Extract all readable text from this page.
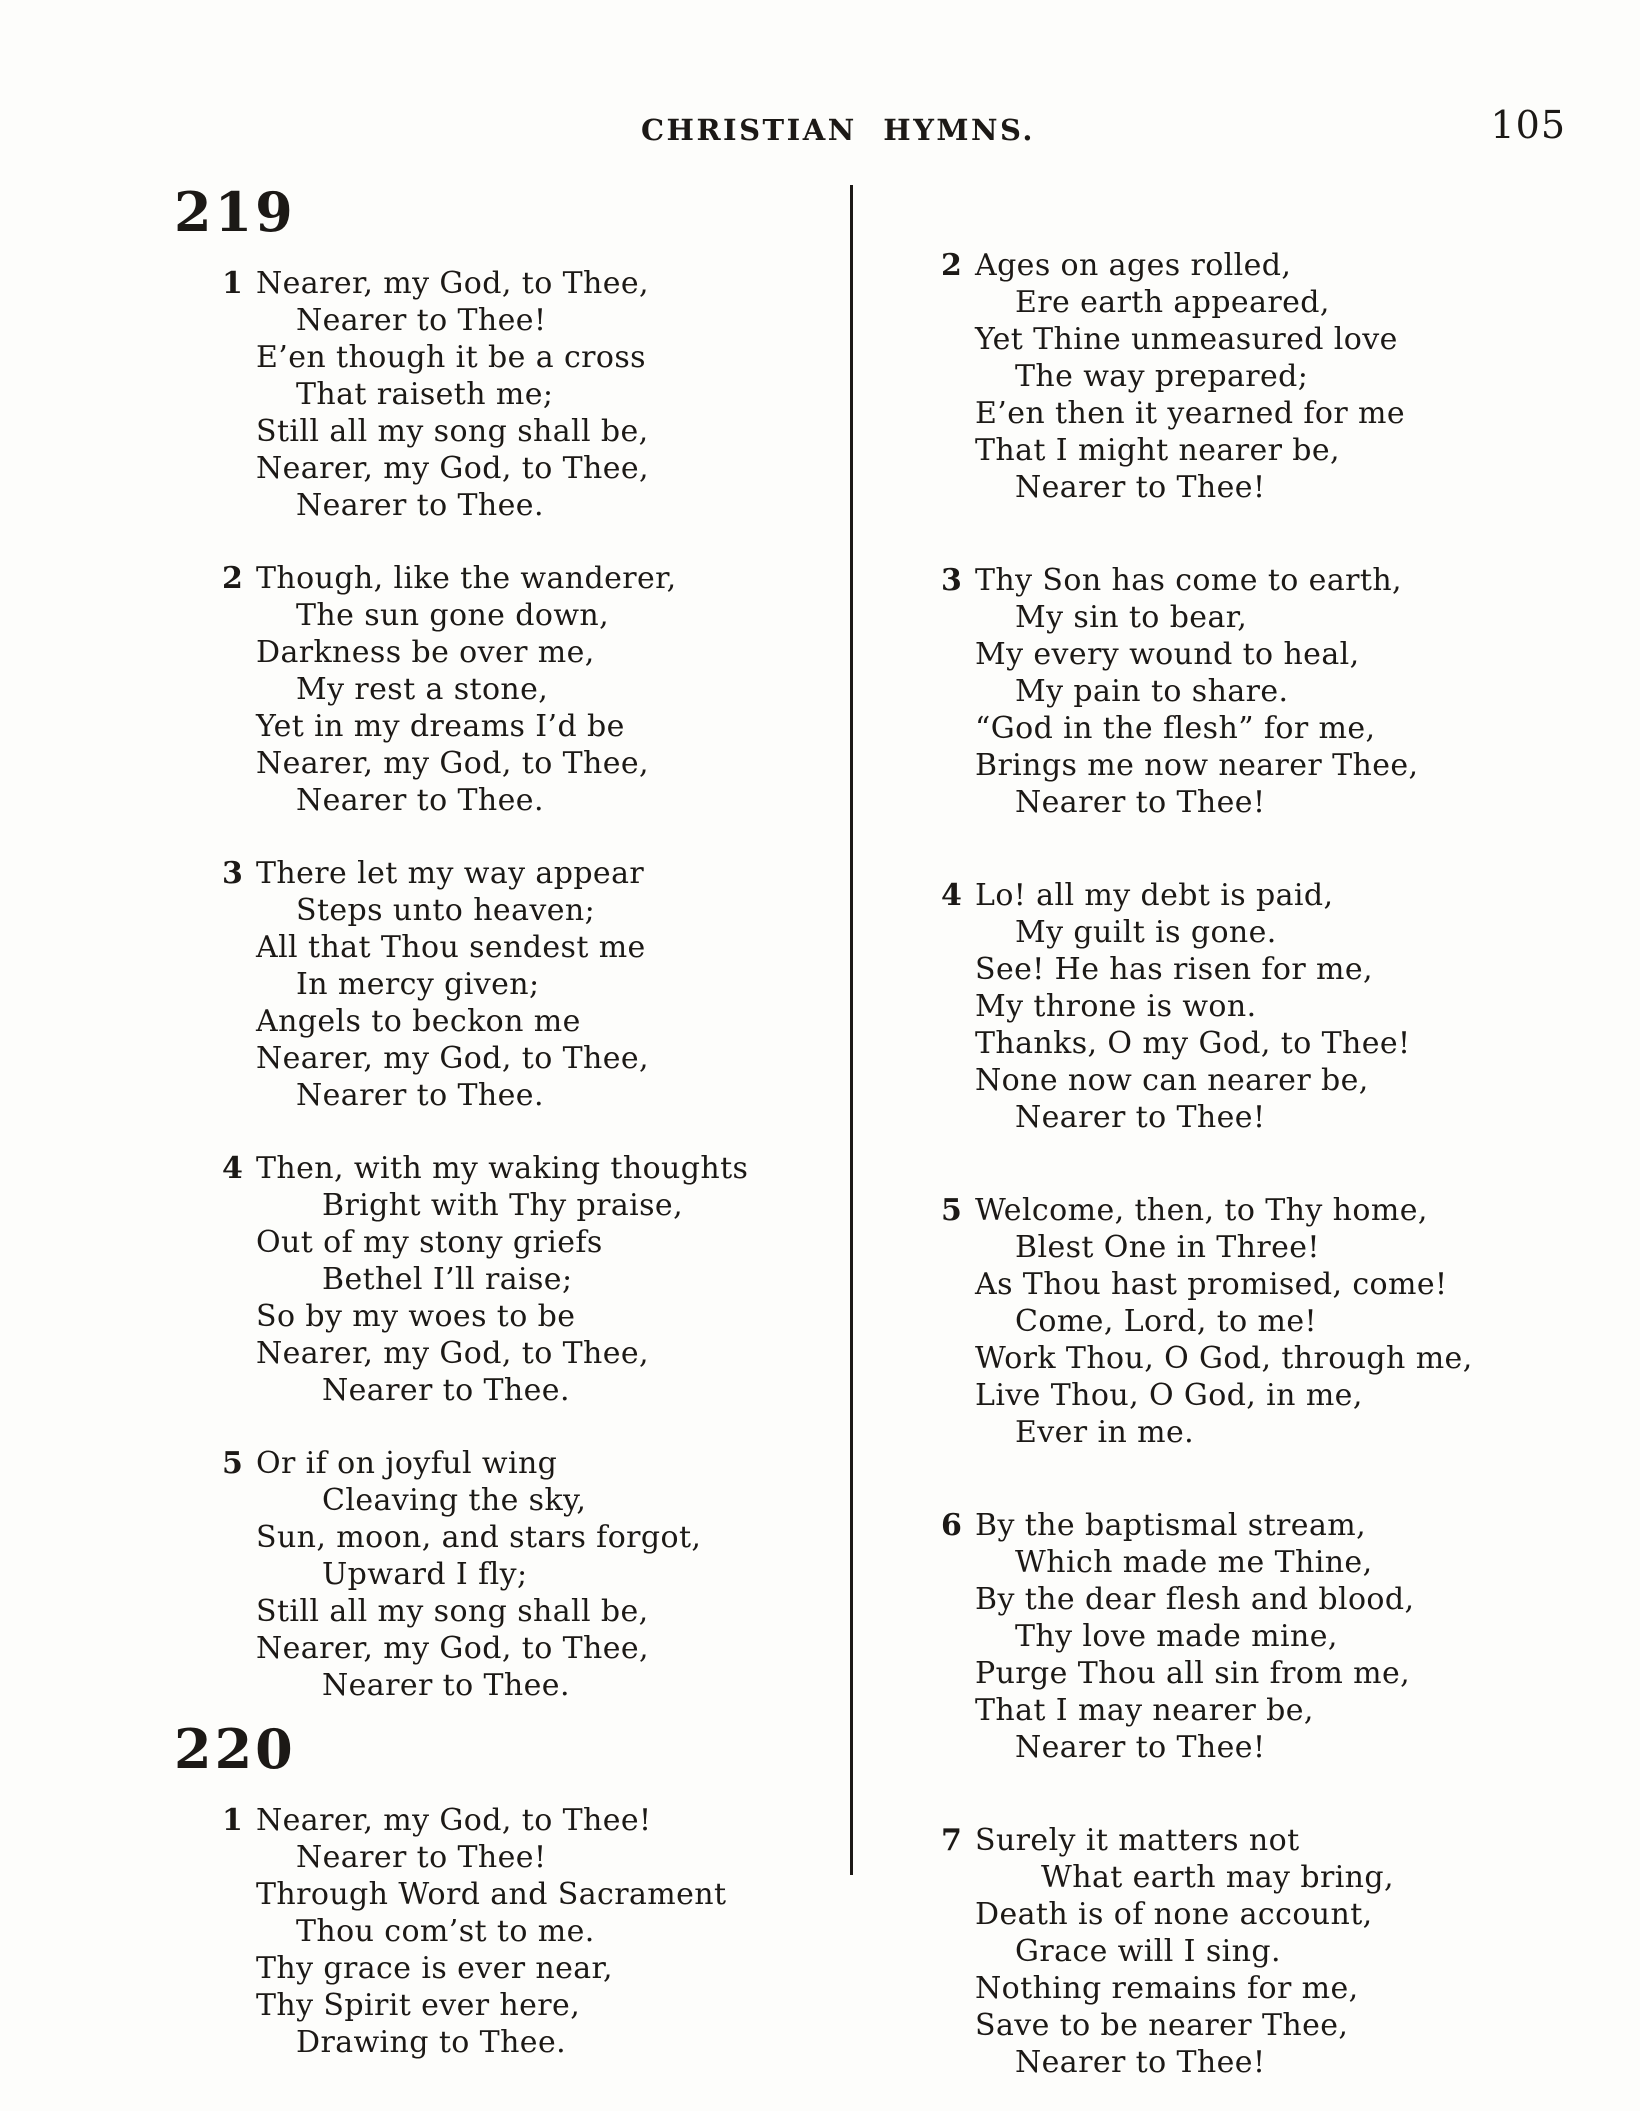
CHRISTIAN HYMNS.	105
219
1 Nearer, my God, to Thee,
Nearer to Thee!
E’en though it be a cross
That raiseth me;
Still all my song shall be,
Nearer, my God, to Thee,
Nearer to Thee.
2 Though, like the wanderer,
The sun gone down,
Darkness be over me,
My rest a stone,
Yet in my dreams I’d be
Nearer, my God, to Thee,
Nearer to Thee.
3 There let my way appear
Steps unto heaven;
All that Thou sendest me
In mercy given;
Angels to beckon me
Nearer, my God, to Thee,
Nearer to Thee.
4 Then, with my waking thoughts
Bright with Thy praise,
Out of my stony griefs
Bethel I’ll raise;
So by my woes to be
Nearer, my God, to Thee,
Nearer to Thee.
5 Or if on joyful wing
Cleaving the sky,
Sun, moon, and stars forgot,
Upward I fly;
Still all my song shall be,
Nearer, my God, to Thee,
Nearer to Thee.
220
1 Nearer, my God, to Thee!
Nearer to Thee!
Through Word and Sacrament
Thou com’st to me.
Thy grace is ever near,
Thy Spirit ever here,
Drawing to Thee.
2 Ages on ages rolled,
Ere earth appeared,
Yet Thine unmeasured love
The way prepared;
E’en then it yearned for me
That I might nearer be,
Nearer to Thee!
3 Thy Son has come to earth,
My sin to bear,
My every wound to heal,
My pain to share.
“God in the flesh” for me,
Brings me now nearer Thee,
Nearer to Thee!
4 Lo! all my debt is paid,
My guilt is gone.
See! He has risen for me,
My throne is won.
Thanks, O my God, to Thee!
None now can nearer be,
Nearer to Thee!
5 Welcome, then, to Thy home,
Blest One in Three!
As Thou hast promised, come!
Come, Lord, to me!
Work Thou, O God, through me,
Live Thou, O God, in me,
Ever in me.
6 By the baptismal stream,
Which made me Thine,
By the dear flesh and blood,
Thy love made mine,
Purge Thou all sin from me,
That I may nearer be,
Nearer to Thee!
7 Surely it matters not
What earth may bring,
Death is of none account,
Grace will I sing.
Nothing remains for me,
Save to be nearer Thee,
Nearer to Thee!
